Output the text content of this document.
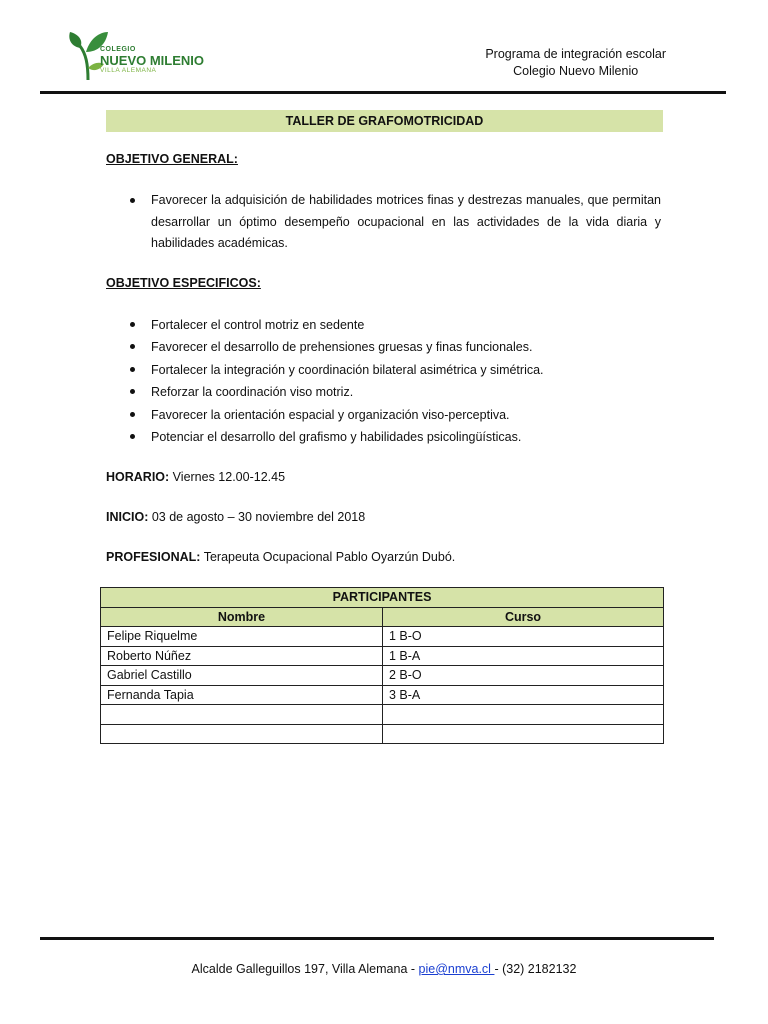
COLEGIO
NUEVO MILENIO
VILLA ALEMANA
Programa de integración escolar
Colegio Nuevo Milenio
TALLER DE GRAFOMOTRICIDAD
OBJETIVO GENERAL:
Favorecer la adquisición de habilidades motrices finas y destrezas manuales, que permitan desarrollar un óptimo desempeño ocupacional en las actividades de la vida diaria y habilidades académicas.
OBJETIVO ESPECIFICOS:
Fortalecer el control motriz en sedente
Favorecer el desarrollo de prehensiones gruesas y finas funcionales.
Fortalecer la integración y coordinación bilateral asimétrica y simétrica.
Reforzar la coordinación viso motriz.
Favorecer la orientación espacial y organización viso-perceptiva.
Potenciar el desarrollo del grafismo y habilidades psicolingüísticas.
HORARIO: Viernes 12.00-12.45
INICIO: 03 de agosto – 30 noviembre del 2018
PROFESIONAL: Terapeuta Ocupacional Pablo Oyarzún Dubó.
PARTICIPANTES	
Nombre	Curso
Felipe Riquelme	1 B-O
Roberto Núñez	1 B-A
Gabriel Castillo	2 B-O
Fernanda Tapia	3 B-A

Alcalde Galleguillos 197, Villa Alemana - pie@nmva.cl - (32) 2182132
